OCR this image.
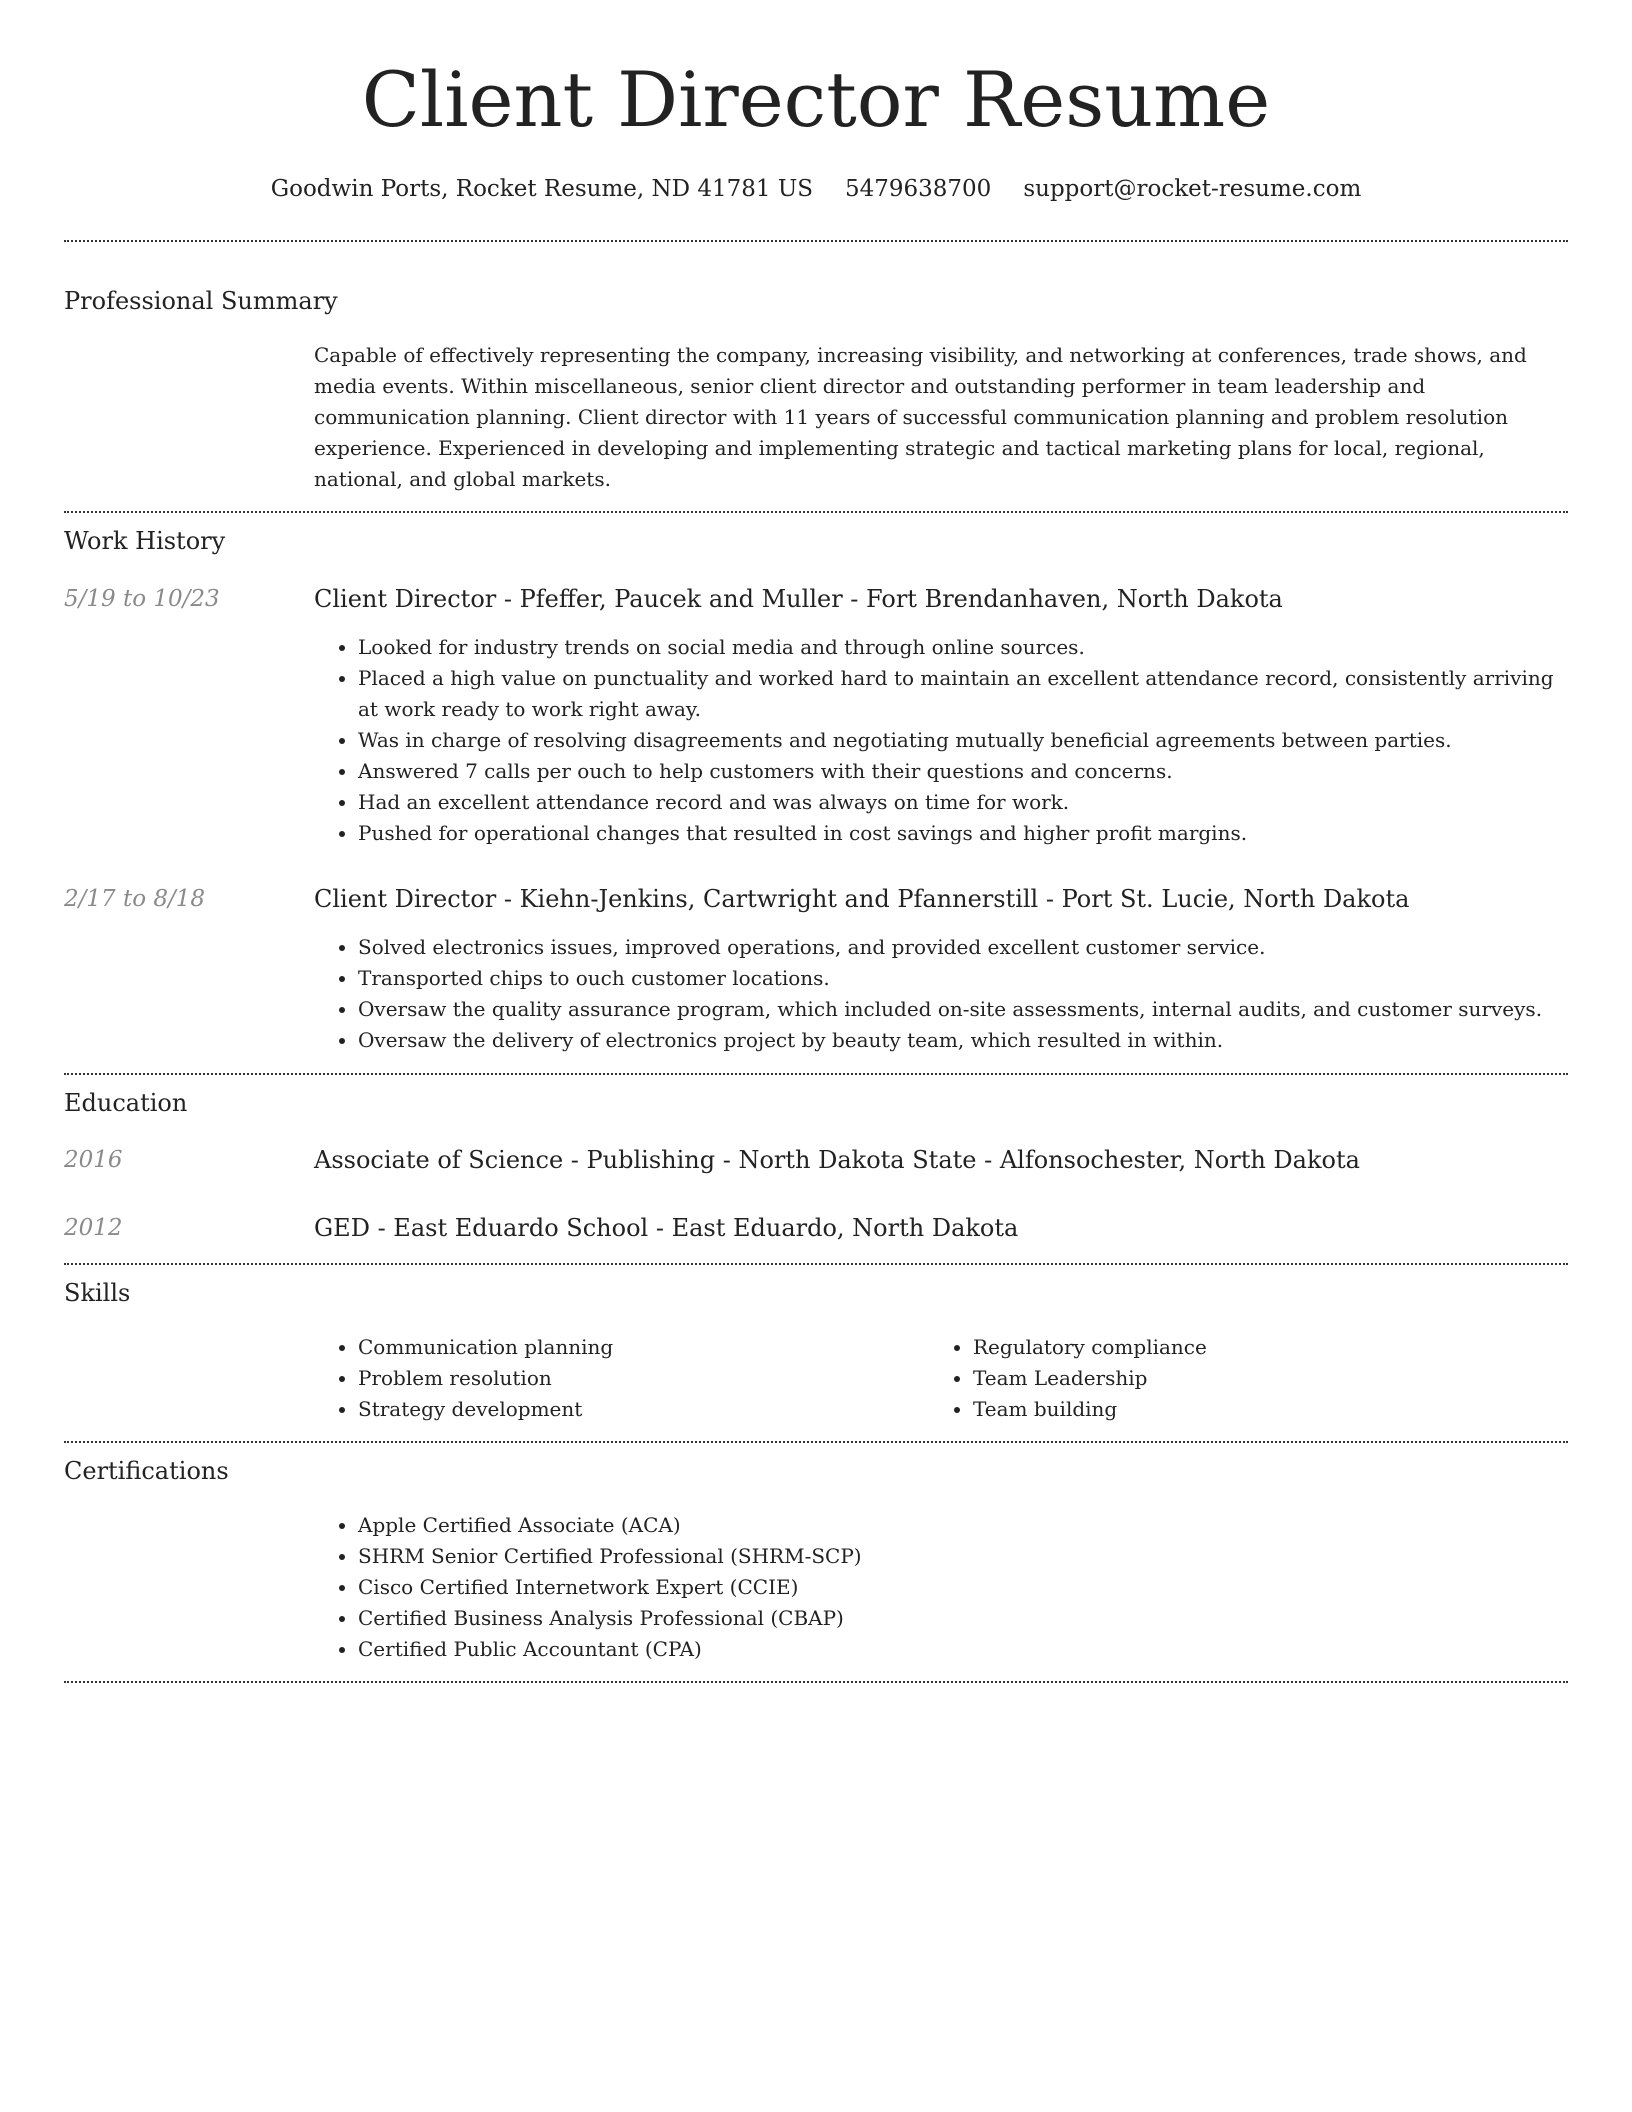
Client Director Resume
Goodwin Ports, Rocket Resume, ND 41781 US 5479638700 support@rocket-resume.com
Professional Summary

Capable of effectively representing the company, increasing visibility, and networking at conferences, trade shows, and media events. Within miscellaneous, senior client director and outstanding performer in team leadership and communication planning. Client director with 11 years of successful communication planning and problem resolution experience. Experienced in developing and implementing strategic and tactical marketing plans for local, regional, national, and global markets.

Work History
5/19 to 10/23	Client Director - Pfeffer, Paucek and Muller - Fort Brendanhaven, North Dakota
• Looked for industry trends on social media and through online sources.
• Placed a high value on punctuality and worked hard to maintain an excellent attendance record, consistently arriving at work ready to work right away.
• Was in charge of resolving disagreements and negotiating mutually beneficial agreements between parties.
• Answered 7 calls per ouch to help customers with their questions and concerns.
• Had an excellent attendance record and was always on time for work.
• Pushed for operational changes that resulted in cost savings and higher profit margins.
2/17 to 8/18	Client Director - Kiehn-Jenkins, Cartwright and Pfannerstill - Port St. Lucie, North Dakota
• Solved electronics issues, improved operations, and provided excellent customer service.
• Transported chips to ouch customer locations.
• Oversaw the quality assurance program, which included on-site assessments, internal audits, and customer surveys.
• Oversaw the delivery of electronics project by beauty team, which resulted in within.
Education
2016	Associate of Science - Publishing - North Dakota State - Alfonsochester, North Dakota
2012	GED - East Eduardo School - East Eduardo, North Dakota
Skills
• Communication planning
• Problem resolution
• Strategy development
• Regulatory compliance
• Team Leadership
• Team building
Certifications
• Apple Certified Associate (ACA)
• SHRM Senior Certified Professional (SHRM-SCP)
• Cisco Certified Internetwork Expert (CCIE)
• Certified Business Analysis Professional (CBAP)
• Certified Public Accountant (CPA)
